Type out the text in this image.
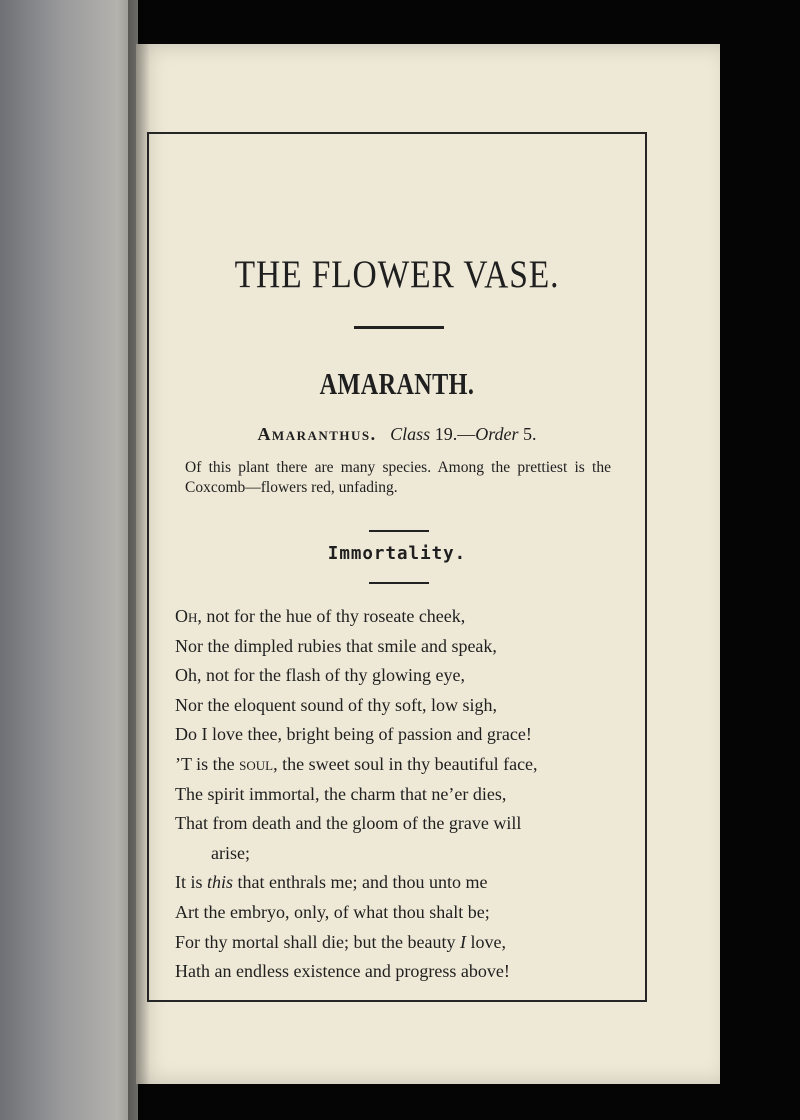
THE FLOWER VASE.
AMARANTH.
Amaranthus. Class 19.—Order 5.
Of this plant there are many species. Among the prettiest is the Coxcomb—flowers red, unfading.
Immortality.
Oh, not for the hue of thy roseate cheek,
Nor the dimpled rubies that smile and speak,
Oh, not for the flash of thy glowing eye,
Nor the eloquent sound of thy soft, low sigh,
Do I love thee, bright being of passion and grace!
’T is the soul, the sweet soul in thy beautiful face,
The spirit immortal, the charm that ne’er dies,
That from death and the gloom of the grave will
arise;
It is this that enthrals me; and thou unto me
Art the embryo, only, of what thou shalt be;
For thy mortal shall die; but the beauty I love,
Hath an endless existence and progress above!
